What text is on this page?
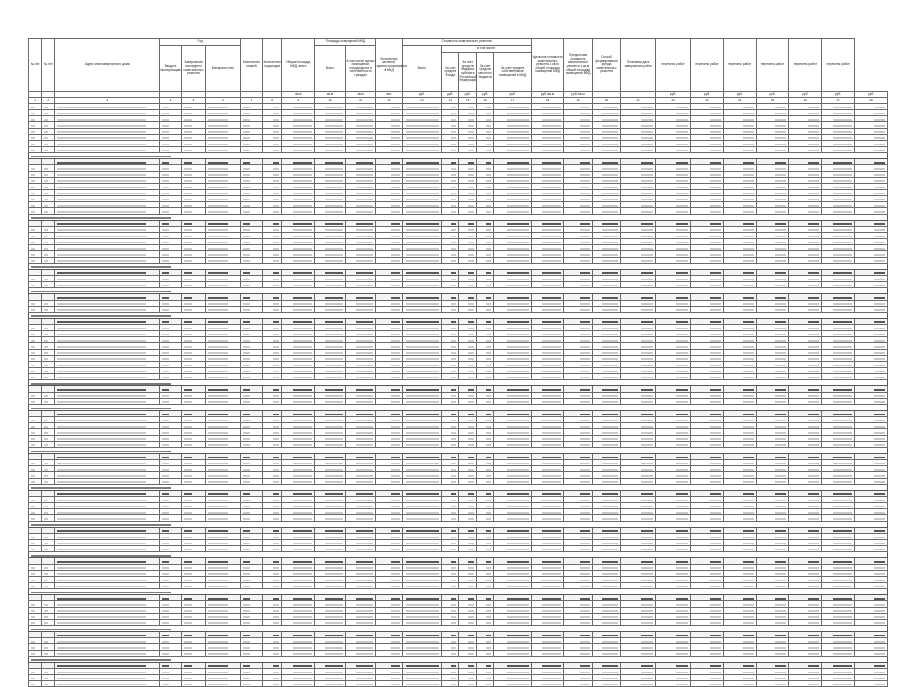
№ п/п	№ п/п	Адрес многоквартирного дома	Год			Количество этажей	Количество подъездов	Общая площадь МКД, всего	Площадь помещений МКД		Количество жителей, зарегистрированных в МКД	Стоимость капитального ремонта					Удельная стоимость капитального ремонта 1 кв.м общей площади помещений МКД	Предельная стоимость капитального ремонта 1 кв.м общей площади помещений МКД	Способ формирования фонда капитального ремонта	Плановая дата завершения работ	перечень работ	перечень работ	перечень работ	перечень работ	перечень работ	перечень работ	
			Ввода в эксплуатацию	Завершения последнего капитального ремонта	Материал стен				Всего	в том числе жилых помещений, находящихся в собственности граждан		Всего	в том числе:														
													За счет средств Фонда	За счет средств бюджета субъекта Российской Федерации	За счет средств местного бюджета	За счет средств собственников помещений в МКД											
								кв.м	кв.м	кв.м	чел.	руб.	руб.	руб.	руб.	руб.	руб./кв.м	руб./кв.м			руб.	руб.	руб.	руб.	руб.	руб.	руб.
1	2	3	4	5	6	7	8	9	10	11	12	13	14	15	16	17	18	19	20	21	22	23	24	25	26	27	28
